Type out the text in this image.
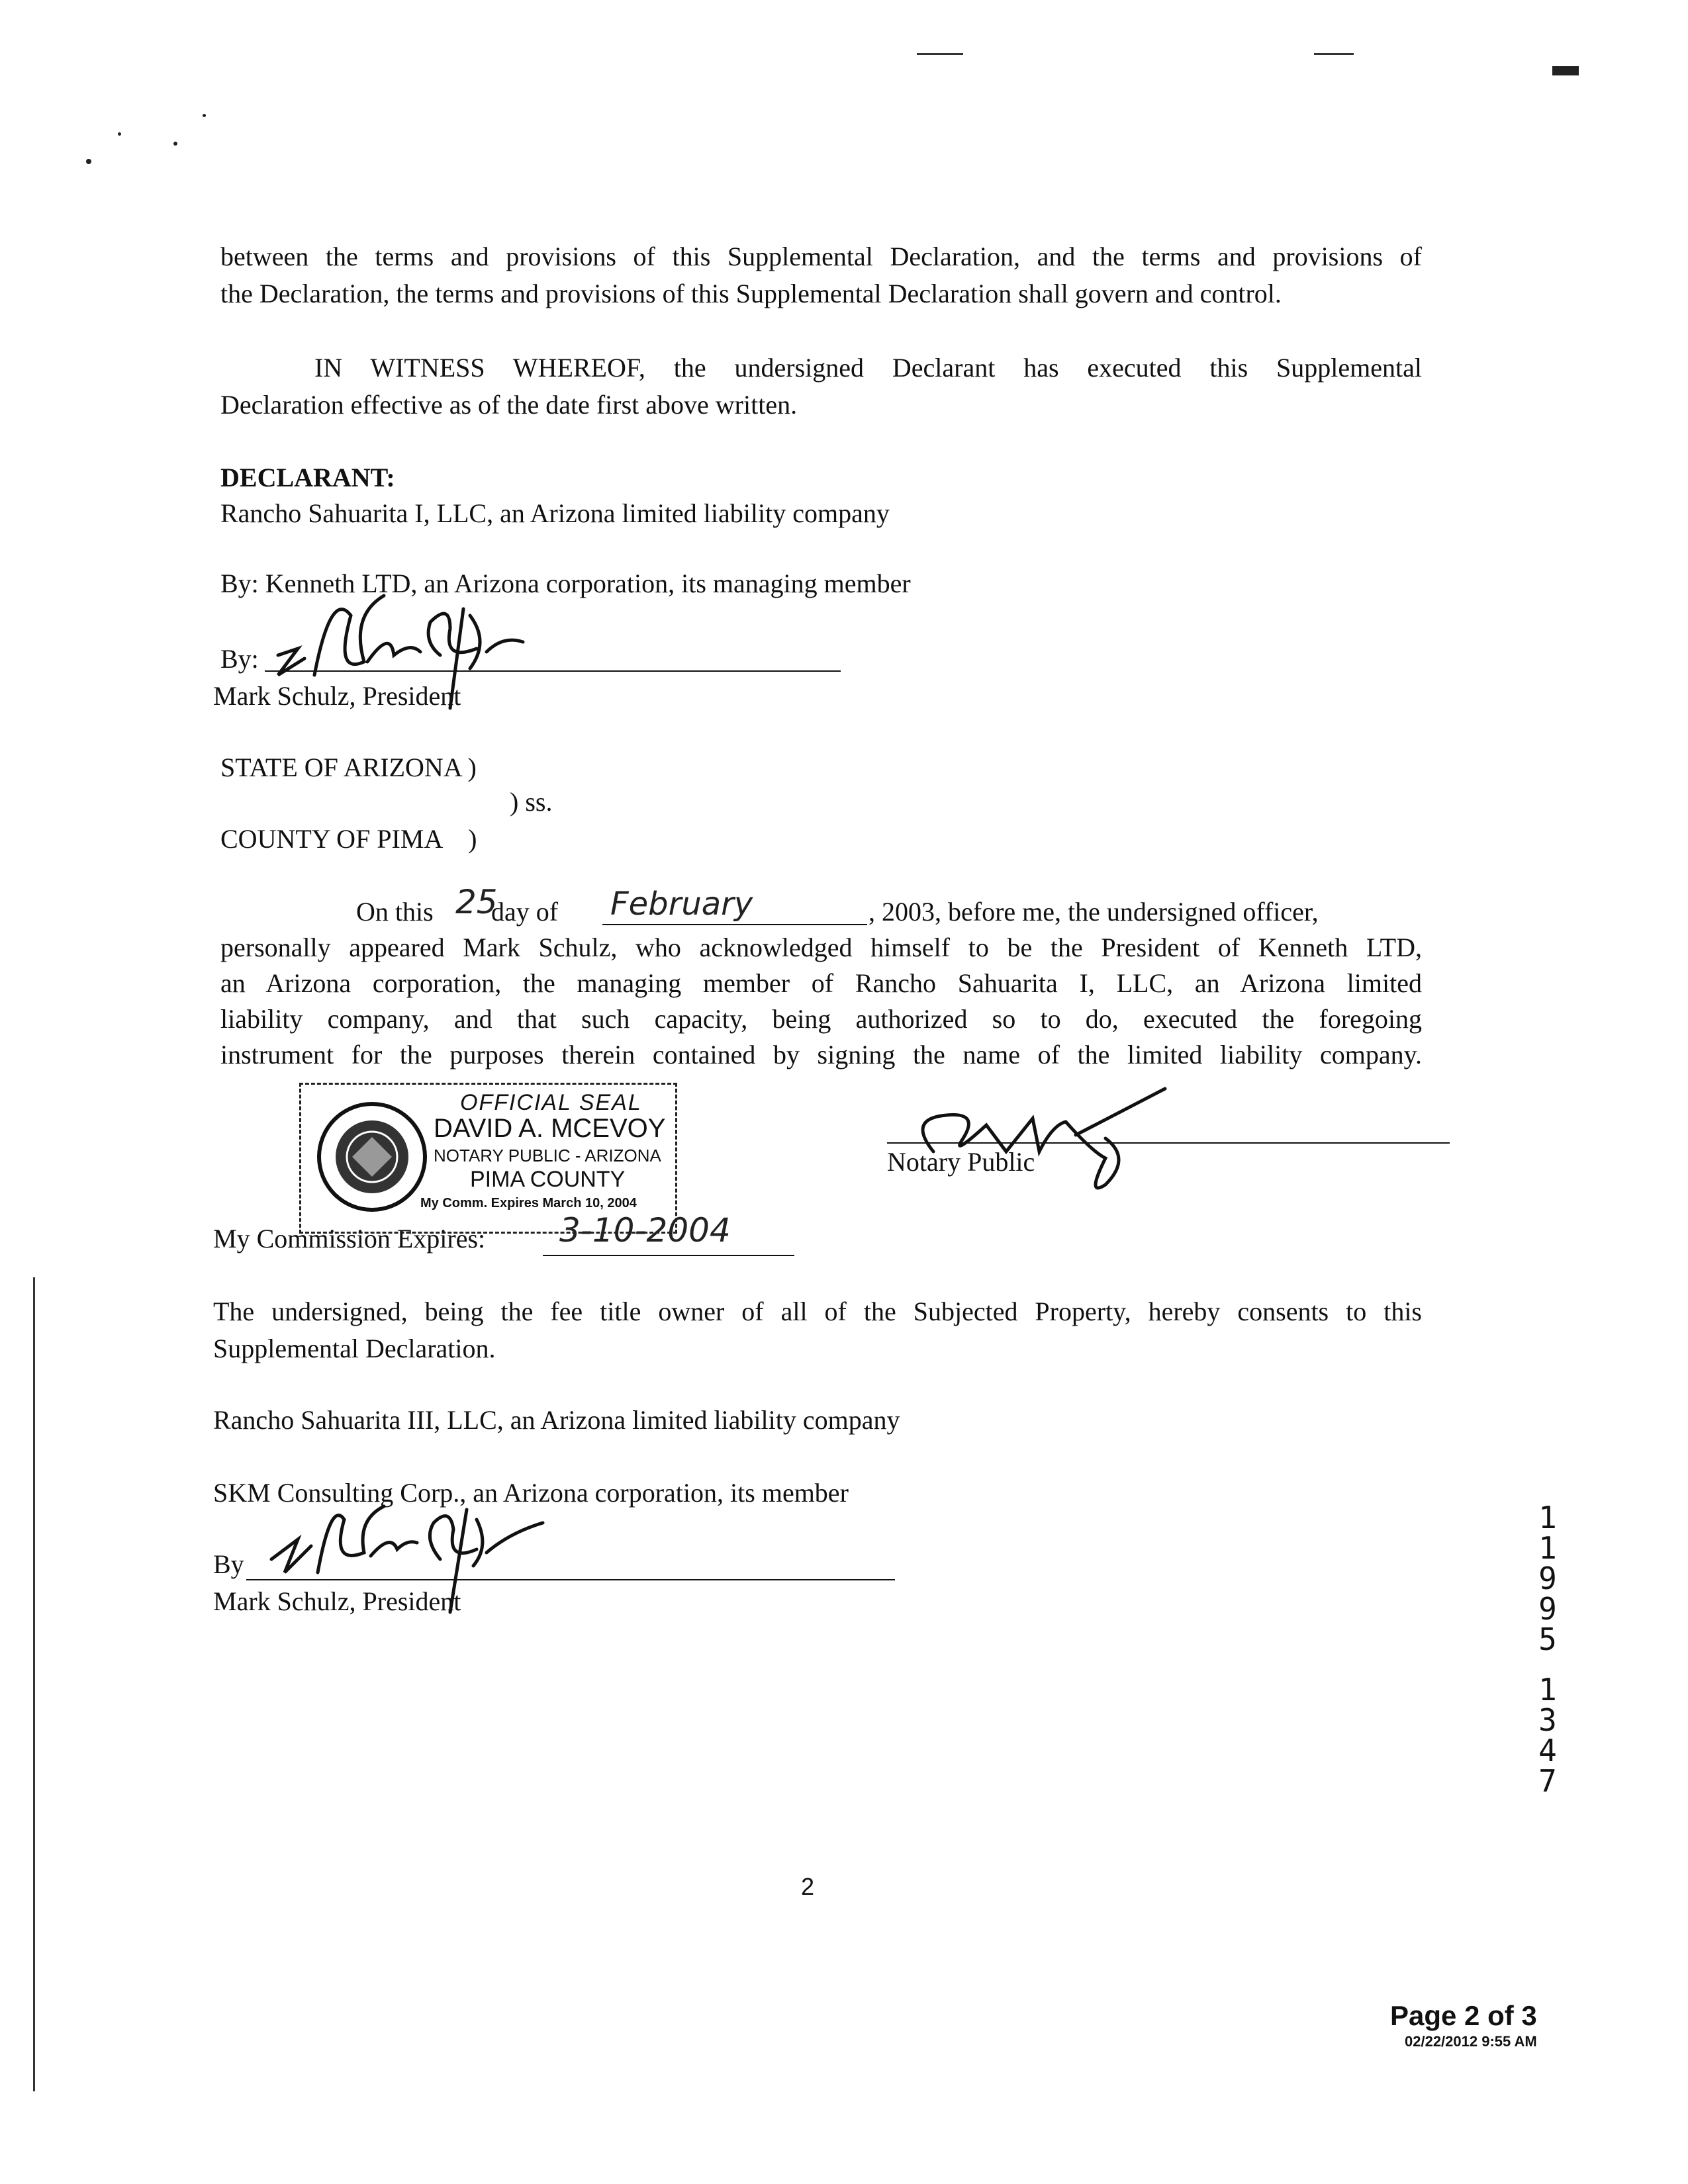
between the terms and provisions of this Supplemental Declaration, and the terms and provisions of
the Declaration, the terms and provisions of this Supplemental Declaration shall govern and control.
IN WITNESS WHEREOF, the undersigned Declarant has executed this Supplemental
Declaration effective as of the date first above written.
DECLARANT:
Rancho Sahuarita I, LLC, an Arizona limited liability company
By: Kenneth LTD, an Arizona corporation, its managing member
By:
Mark Schulz, President
STATE OF ARIZONA )
) ss.
COUNTY OF PIMA    )
On this 25
day of February	, 2003, before me, the undersigned officer,
personally appeared Mark Schulz, who acknowledged himself to be the President of Kenneth LTD,
an Arizona corporation, the managing member of Rancho Sahuarita I, LLC, an Arizona limited
liability company, and that such capacity, being authorized so to do, executed the foregoing
instrument for the purposes therein contained by signing the name of the limited liability company.
OFFICIAL SEAL
DAVID A. MCEVOY
NOTARY PUBLIC - ARIZONA
PIMA COUNTY
My Comm. Expires March 10, 2004
Notary Public
My Commission Expires: 3-10-2004
The undersigned, being the fee title owner of all of the Subjected Property, hereby consents to this
Supplemental Declaration.
Rancho Sahuarita III, LLC, an Arizona limited liability company
SKM Consulting Corp., an Arizona corporation, its member
By
Mark Schulz, President
1
1
9
9
5
1
3
4
7
2
Page 2 of 3
02/22/2012 9:55 AM
